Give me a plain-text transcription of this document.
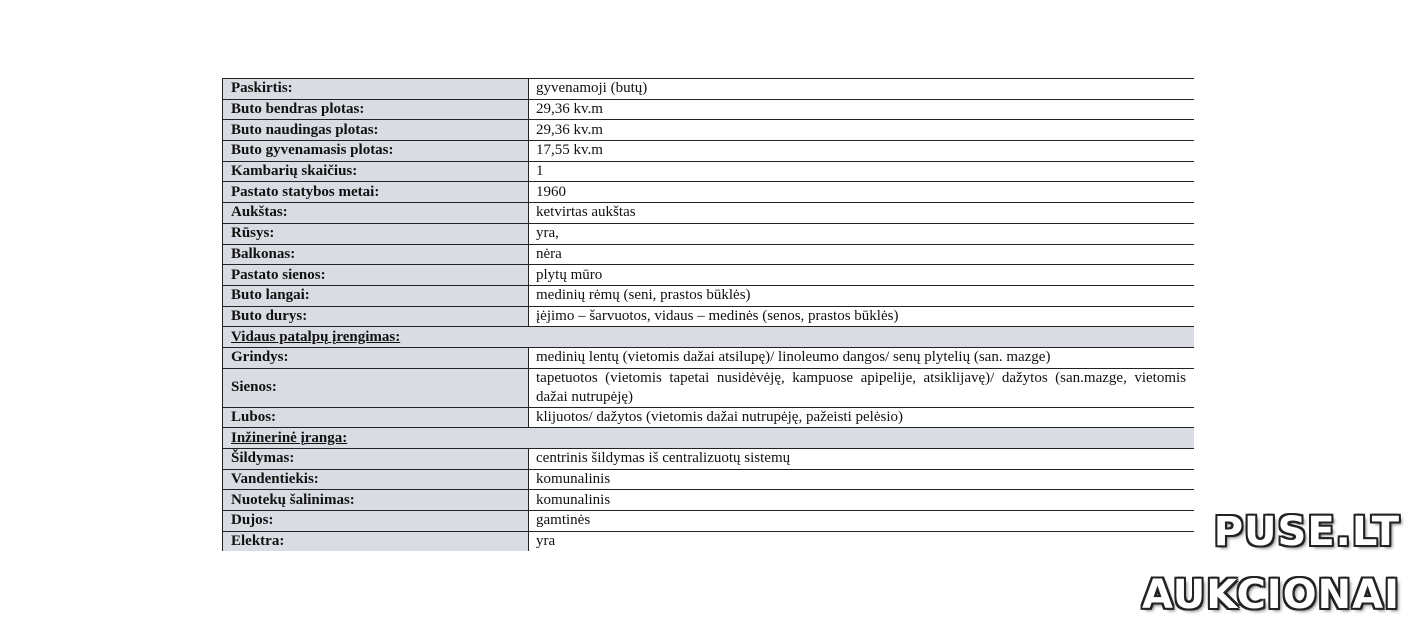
Paskirtis:	gyvenamoji (butų)
Buto bendras plotas:	29,36 kv.m
Buto naudingas plotas:	29,36 kv.m
Buto gyvenamasis plotas:	17,55 kv.m
Kambarių skaičius:	1
Pastato statybos metai:	1960
Aukštas:	ketvirtas aukštas
Rūsys:	yra,
Balkonas:	nėra
Pastato sienos:	plytų mūro
Buto langai:	medinių rėmų (seni, prastos būklės)
Buto durys:	įėjimo – šarvuotos, vidaus – medinės (senos, prastos būklės)
Vidaus patalpų įrengimas:	
Grindys:	medinių lentų (vietomis dažai atsilupę)/ linoleumo dangos/ senų plytelių (san. mazge)
Sienos:	tapetuotos (vietomis tapetai nusidėvėję, kampuose apipelije, atsiklijavę)/ dažytos (san.mazge, vietomis dažai nutrupėję)
Lubos:	klijuotos/ dažytos (vietomis dažai nutrupėję, pažeisti pelėsio)
Inžinerinė įranga:	
Šildymas:	centrinis šildymas iš centralizuotų sistemų
Vandentiekis:	komunalinis
Nuotekų šalinimas:	komunalinis
Dujos:	gamtinės
Elektra:	yra	PUSE.LT
AUKCIONAI
